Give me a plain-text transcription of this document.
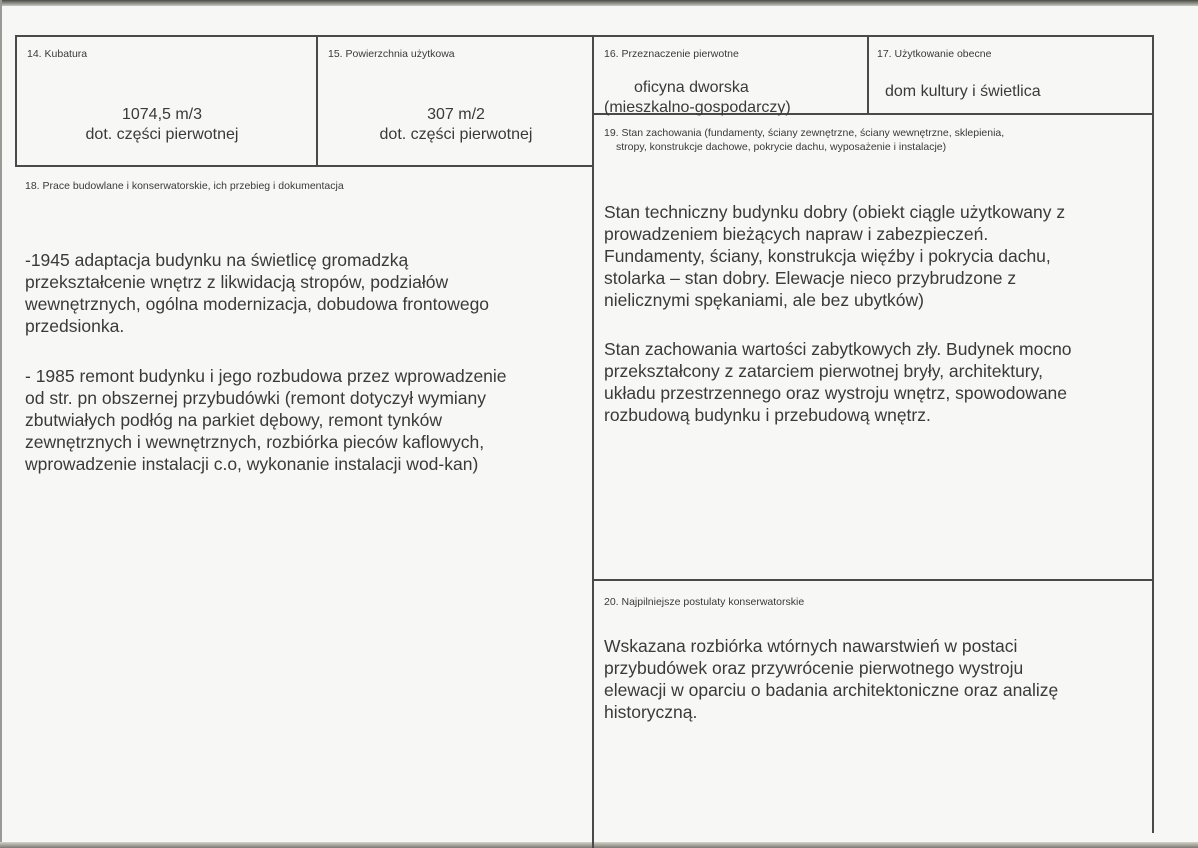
14. Kubatura
1074,5 m/3
dot. części pierwotnej
15. Powierzchnia użytkowa
307 m/2
dot. części pierwotnej
16. Przeznaczenie pierwotne
oficyna dworska
(mieszkalno-gospodarczy)
17. Użytkowanie obecne
dom kultury i świetlica
18. Prace budowlane i konserwatorskie, ich przebieg i dokumentacja
-1945 adaptacja budynku na świetlicę gromadzką
przekształcenie wnętrz z likwidacją stropów, podziałów
wewnętrznych, ogólna modernizacja, dobudowa frontowego
przedsionka.
- 1985 remont budynku i jego rozbudowa przez wprowadzenie
od str. pn obszernej przybudówki (remont dotyczył wymiany
zbutwiałych podłóg na parkiet dębowy, remont tynków
zewnętrznych i wewnętrznych, rozbiórka pieców kaflowych,
wprowadzenie instalacji c.o, wykonanie instalacji wod-kan)
19. Stan zachowania (fundamenty, ściany zewnętrzne, ściany wewnętrzne, sklepienia,
stropy, konstrukcje dachowe, pokrycie dachu, wyposażenie i instalacje)
Stan techniczny budynku dobry (obiekt ciągle użytkowany z
prowadzeniem bieżących napraw i zabezpieczeń.
Fundamenty, ściany, konstrukcja więźby i pokrycia dachu,
stolarka – stan dobry. Elewacje nieco przybrudzone z
nielicznymi spękaniami, ale bez ubytków)
Stan zachowania wartości zabytkowych zły. Budynek mocno
przekształcony z zatarciem pierwotnej bryły, architektury,
układu przestrzennego oraz wystroju wnętrz, spowodowane
rozbudową budynku i przebudową wnętrz.
20. Najpilniejsze postulaty konserwatorskie
Wskazana rozbiórka wtórnych nawarstwień w postaci
przybudówek oraz przywrócenie pierwotnego wystroju
elewacji w oparciu o badania architektoniczne oraz analizę
historyczną.
